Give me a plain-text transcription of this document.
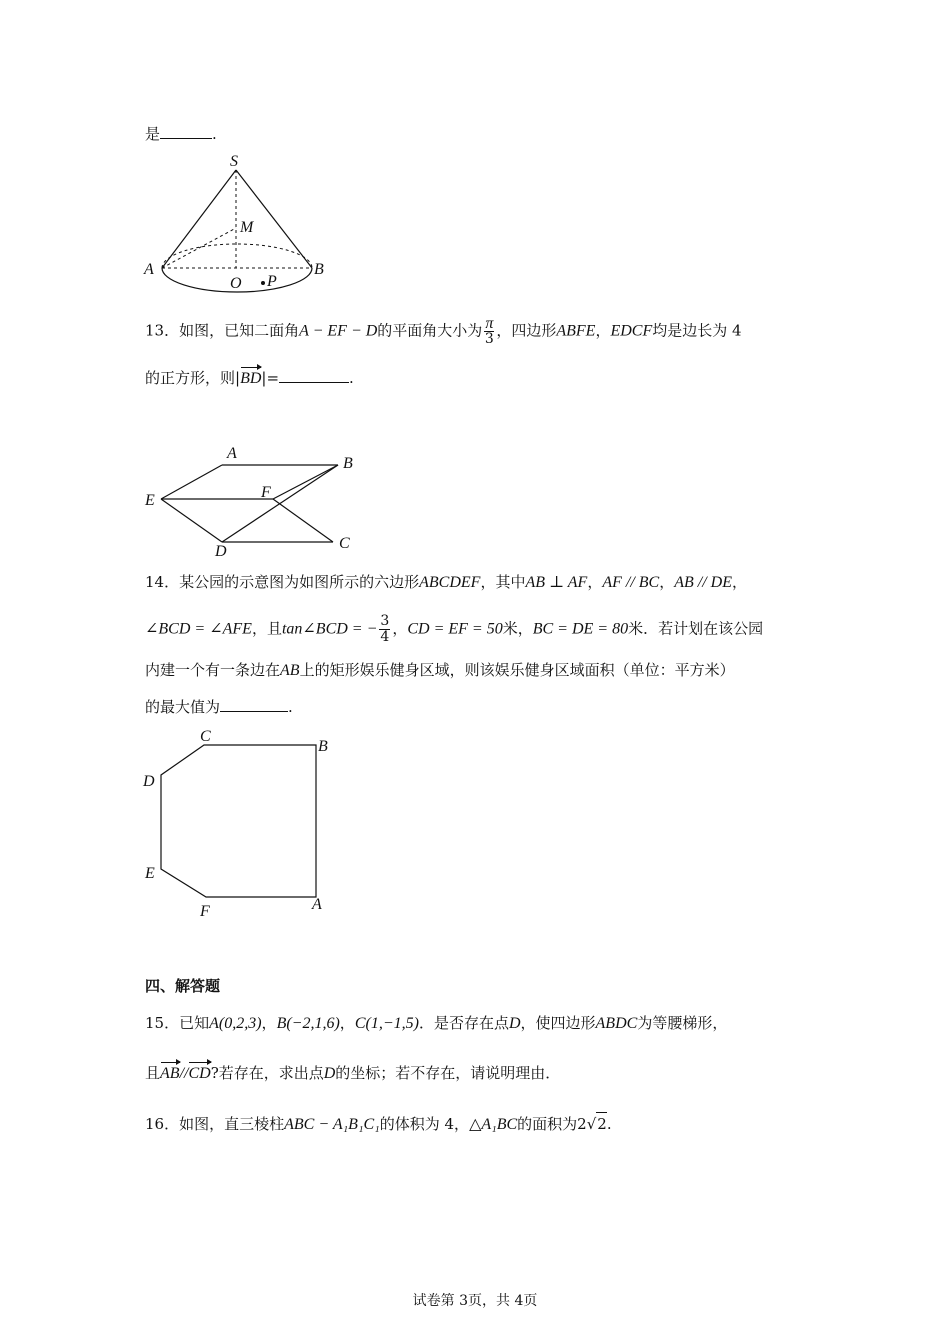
是	.
S
M
A	B
O P
13．如图，已知二面角A − EF − D的平面角大小为 $\frac{\pi}{3}$ ，四边形ABFE，EDCF均是边长为 4
的正方形，则|BD|=	.
A
B
E	F
D	C
14．某公园的示意图为如图所示的六边形ABCDEF，其中AB ⊥ AF，AF // BC，AB // DE，
∠BCD = ∠AFE，且tan∠BCD = − $\frac{3}{4}$ ，CD = EF = 50米，BC = DE = 80米．若计划在该公园
内建一个有一条边在AB上的矩形娱乐健身区域，则该娱乐健身区域面积（单位：平方米）
的最大值为	.
C
B
D
E
F	A
四、解答题
15．已知A(0,2,3)，B(−2,1,6)，C(1,−1,5)．是否存在点D，使四边形ABDC为等腰梯形，
且AB//CD?若存在，求出点D的坐标；若不存在，请说明理由．
16．如图，直三棱柱ABC − A₁B₁C₁的体积为 4，△A₁BC的面积为2√2.
试卷第 3页，共 4页
